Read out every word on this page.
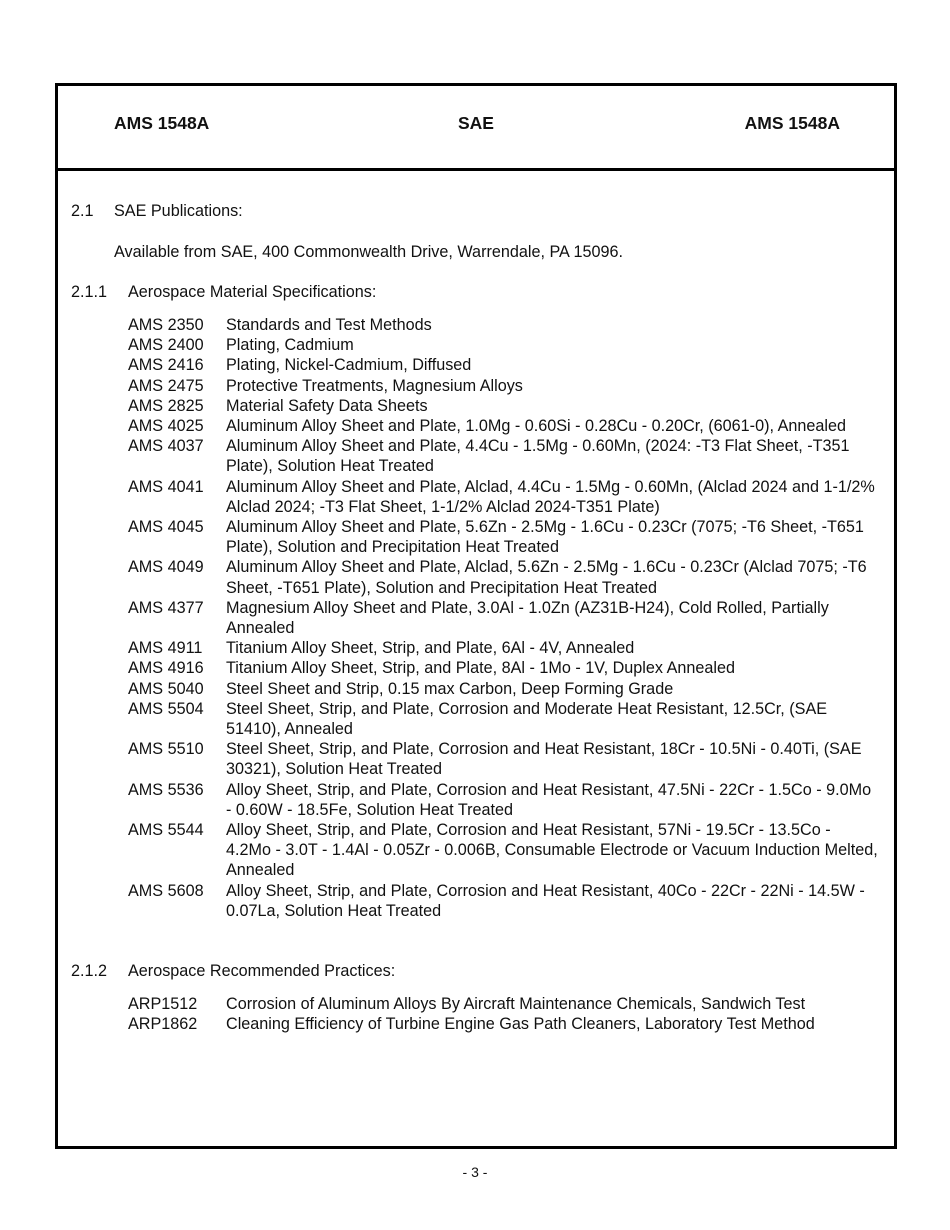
AMS 1548A	SAE	AMS 1548A
2.1 SAE Publications:
Available from SAE, 400 Commonwealth Drive, Warrendale, PA 15096.
2.1.1 Aerospace Material Specifications:
AMS 2350	Standards and Test Methods
AMS 2400	Plating, Cadmium
AMS 2416	Plating, Nickel-Cadmium, Diffused
AMS 2475	Protective Treatments, Magnesium Alloys
AMS 2825	Material Safety Data Sheets
AMS 4025	Aluminum Alloy Sheet and Plate, 1.0Mg - 0.60Si - 0.28Cu - 0.20Cr, (6061-0), Annealed
AMS 4037	Aluminum Alloy Sheet and Plate, 4.4Cu - 1.5Mg - 0.60Mn, (2024: -T3 Flat Sheet, -T351 Plate), Solution Heat Treated
AMS 4041	Aluminum Alloy Sheet and Plate, Alclad, 4.4Cu - 1.5Mg - 0.60Mn, (Alclad 2024 and 1-1/2% Alclad 2024; -T3 Flat Sheet, 1-1/2% Alclad 2024-T351 Plate)
AMS 4045	Aluminum Alloy Sheet and Plate, 5.6Zn - 2.5Mg - 1.6Cu - 0.23Cr (7075; -T6 Sheet, -T651 Plate), Solution and Precipitation Heat Treated
AMS 4049	Aluminum Alloy Sheet and Plate, Alclad, 5.6Zn - 2.5Mg - 1.6Cu - 0.23Cr (Alclad 7075; -T6 Sheet, -T651 Plate), Solution and Precipitation Heat Treated
AMS 4377	Magnesium Alloy Sheet and Plate, 3.0Al - 1.0Zn (AZ31B-H24), Cold Rolled, Partially Annealed
AMS 4911	Titanium Alloy Sheet, Strip, and Plate, 6Al - 4V, Annealed
AMS 4916	Titanium Alloy Sheet, Strip, and Plate, 8Al - 1Mo - 1V, Duplex Annealed
AMS 5040	Steel Sheet and Strip, 0.15 max Carbon, Deep Forming Grade
AMS 5504	Steel Sheet, Strip, and Plate, Corrosion and Moderate Heat Resistant, 12.5Cr, (SAE 51410), Annealed
AMS 5510	Steel Sheet, Strip, and Plate, Corrosion and Heat Resistant, 18Cr - 10.5Ni - 0.40Ti, (SAE 30321), Solution Heat Treated
AMS 5536	Alloy Sheet, Strip, and Plate, Corrosion and Heat Resistant, 47.5Ni - 22Cr - 1.5Co - 9.0Mo - 0.60W - 18.5Fe, Solution Heat Treated
AMS 5544	Alloy Sheet, Strip, and Plate, Corrosion and Heat Resistant, 57Ni - 19.5Cr - 13.5Co - 4.2Mo - 3.0T - 1.4Al - 0.05Zr - 0.006B, Consumable Electrode or Vacuum Induction Melted, Annealed
AMS 5608	Alloy Sheet, Strip, and Plate, Corrosion and Heat Resistant, 40Co - 22Cr - 22Ni - 14.5W - 0.07La, Solution Heat Treated
2.1.2 Aerospace Recommended Practices:
ARP1512	Corrosion of Aluminum Alloys By Aircraft Maintenance Chemicals, Sandwich Test
ARP1862	Cleaning Efficiency of Turbine Engine Gas Path Cleaners, Laboratory Test Method
- 3 -
